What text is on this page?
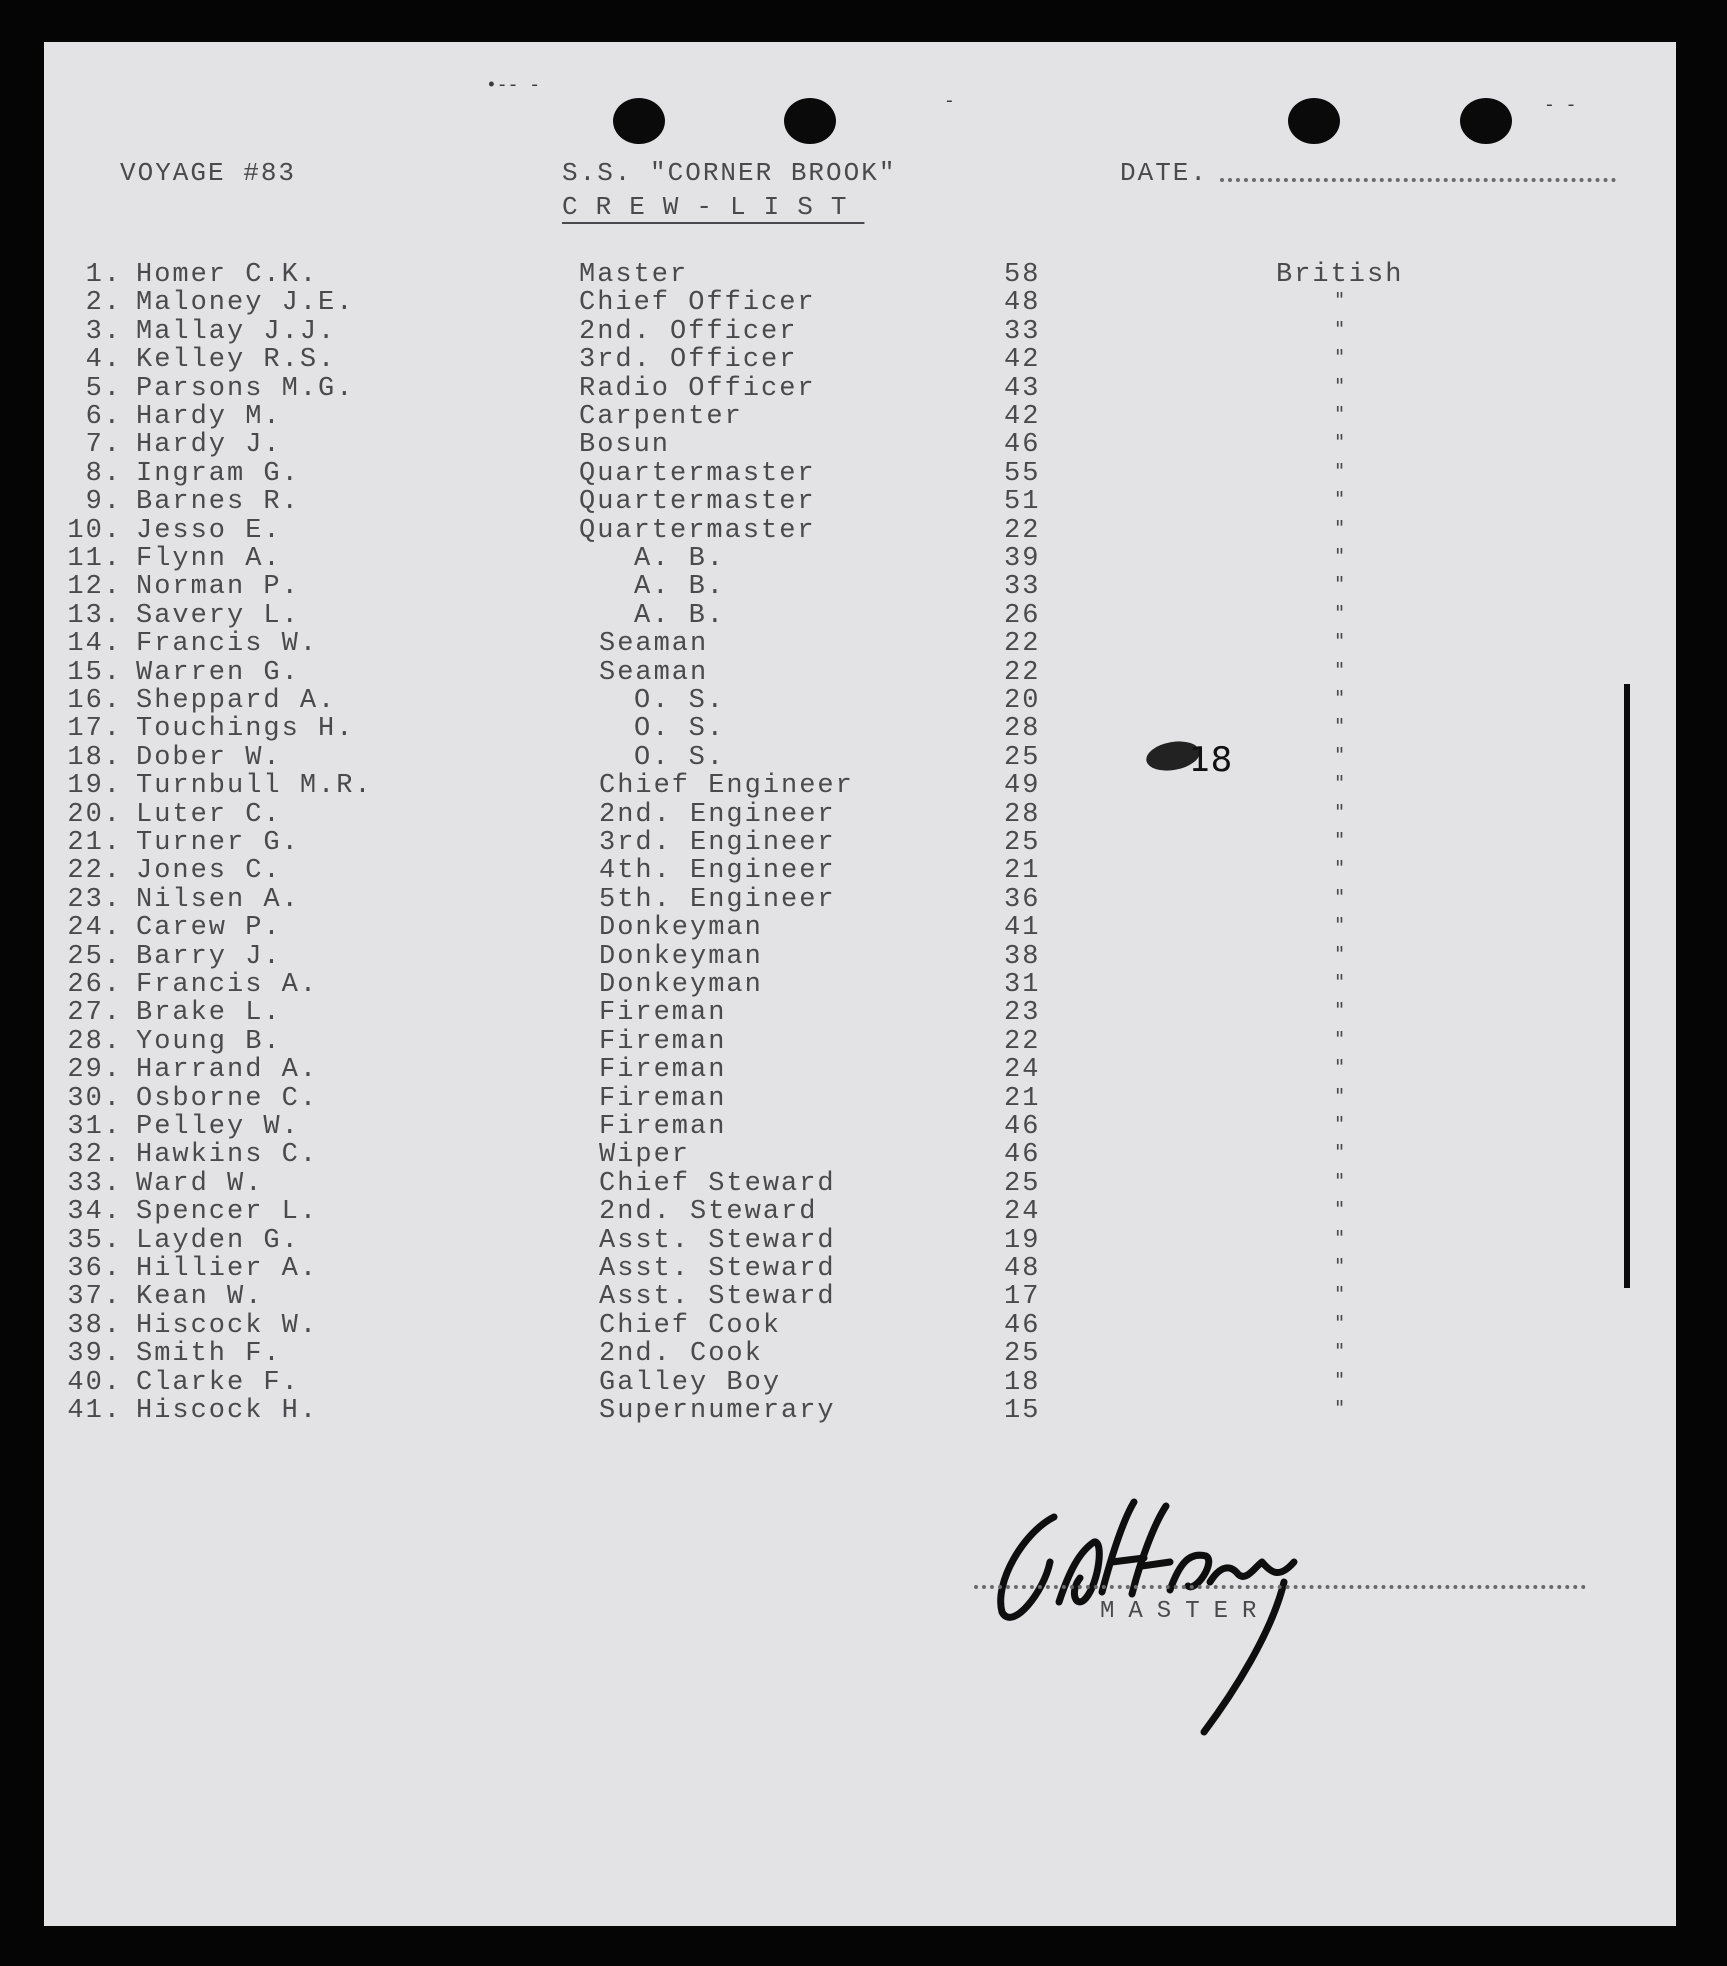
•-- -
-	- -
VOYAGE #83	S.S. "CORNER BROOK"
CREW-LIST
DATE.
1. Homer C.K.	Master	58	British
2. Maloney J.E.	Chief Officer	48	"
3. Mallay J.J.	2nd. Officer	33	"
4. Kelley R.S.	3rd. Officer	42	"
5. Parsons M.G.	Radio Officer	43	"
6. Hardy M.	Carpenter	42	"
7. Hardy J.	Bosun	46	"
8. Ingram G.	Quartermaster	55	"
9. Barnes R.	Quartermaster	51	"
10. Jesso E.	Quartermaster	22	"
11. Flynn A.	A. B.	39	"
12. Norman P.	A. B.	33	"
13. Savery L.	A. B.	26	"
14. Francis W.	Seaman	22	"
15. Warren G.	Seaman	22	"
16. Sheppard A.	O. S.	20	"
17. Touchings H.	O. S.	28	"
18. Dober W.	O. S.	25	"
19. Turnbull M.R.	Chief Engineer	49	"
20. Luter C.	2nd. Engineer	28	"
21. Turner G.	3rd. Engineer	25	"
22. Jones C.	4th. Engineer	21	"
23. Nilsen A.	5th. Engineer	36	"
24. Carew P.	Donkeyman	41	"
25. Barry J.	Donkeyman	38	"
26. Francis A.	Donkeyman	31	"
27. Brake L.	Fireman	23	"
28. Young B.	Fireman	22	"
29. Harrand A.	Fireman	24	"
30. Osborne C.	Fireman	21	"
31. Pelley W.	Fireman	46	"
32. Hawkins C.	Wiper	46	"
33. Ward W.	Chief Steward	25	"
34. Spencer L.	2nd. Steward	24	"
35. Layden G.	Asst. Steward	19	"
36. Hillier A.	Asst. Steward	48	"
37. Kean W.	Asst. Steward	17	"
38. Hiscock W.	Chief Cook	46	"
39. Smith F.	2nd. Cook	25	"
40. Clarke F.	Galley Boy	18	"
41. Hiscock H.	Supernumerary	15	"
18
MASTER
